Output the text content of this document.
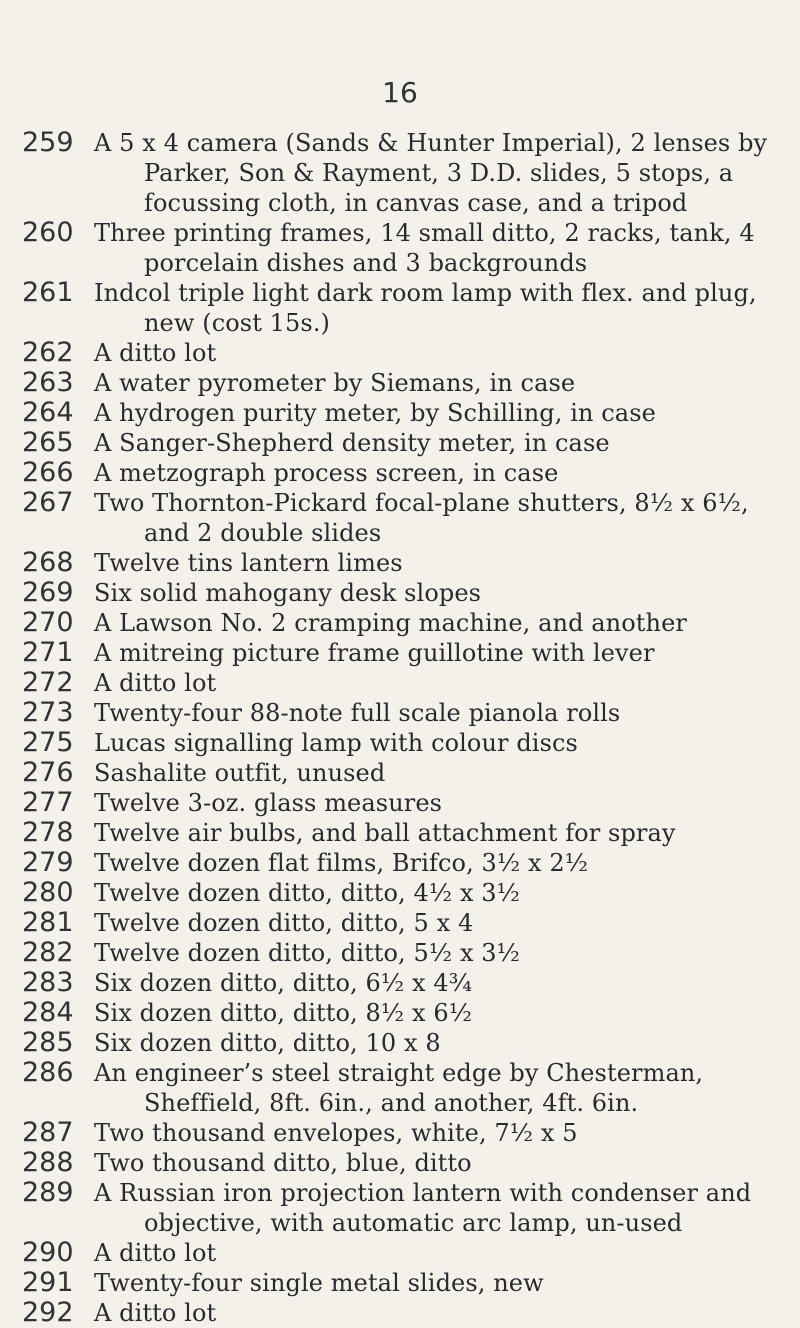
16
259 A 5 x 4 camera (Sands & Hunter Imperial), 2 lenses by Parker, Son & Rayment, 3 D.D. slides, 5 stops, a focussing cloth, in canvas case, and a tripod
260 Three printing frames, 14 small ditto, 2 racks, tank, 4 porcelain dishes and 3 backgrounds
261 Indcol triple light dark room lamp with flex. and plug, new (cost 15s.)
262 A ditto lot
263 A water pyrometer by Siemans, in case
264 A hydrogen purity meter, by Schilling, in case
265 A Sanger-Shepherd density meter, in case
266 A metzograph process screen, in case
267 Two Thornton-Pickard focal-plane shutters, 8½ x 6½, and 2 double slides
268 Twelve tins lantern limes
269 Six solid mahogany desk slopes
270 A Lawson No. 2 cramping machine, and another
271 A mitreing picture frame guillotine with lever
272 A ditto lot
273 Twenty-four 88-note full scale pianola rolls
275 Lucas signalling lamp with colour discs
276 Sashalite outfit, unused
277 Twelve 3-oz. glass measures
278 Twelve air bulbs, and ball attachment for spray
279 Twelve dozen flat films, Brifco, 3½ x 2½
280 Twelve dozen ditto, ditto, 4½ x 3½
281 Twelve dozen ditto, ditto, 5 x 4
282 Twelve dozen ditto, ditto, 5½ x 3½
283 Six dozen ditto, ditto, 6½ x 4¾
284 Six dozen ditto, ditto, 8½ x 6½
285 Six dozen ditto, ditto, 10 x 8
286 An engineer’s steel straight edge by Chesterman, Sheffield, 8ft. 6in., and another, 4ft. 6in.
287 Two thousand envelopes, white, 7½ x 5
288 Two thousand ditto, blue, ditto
289 A Russian iron projection lantern with condenser and objective, with automatic arc lamp, un-used
290 A ditto lot
291 Twenty-four single metal slides, new
292 A ditto lot
